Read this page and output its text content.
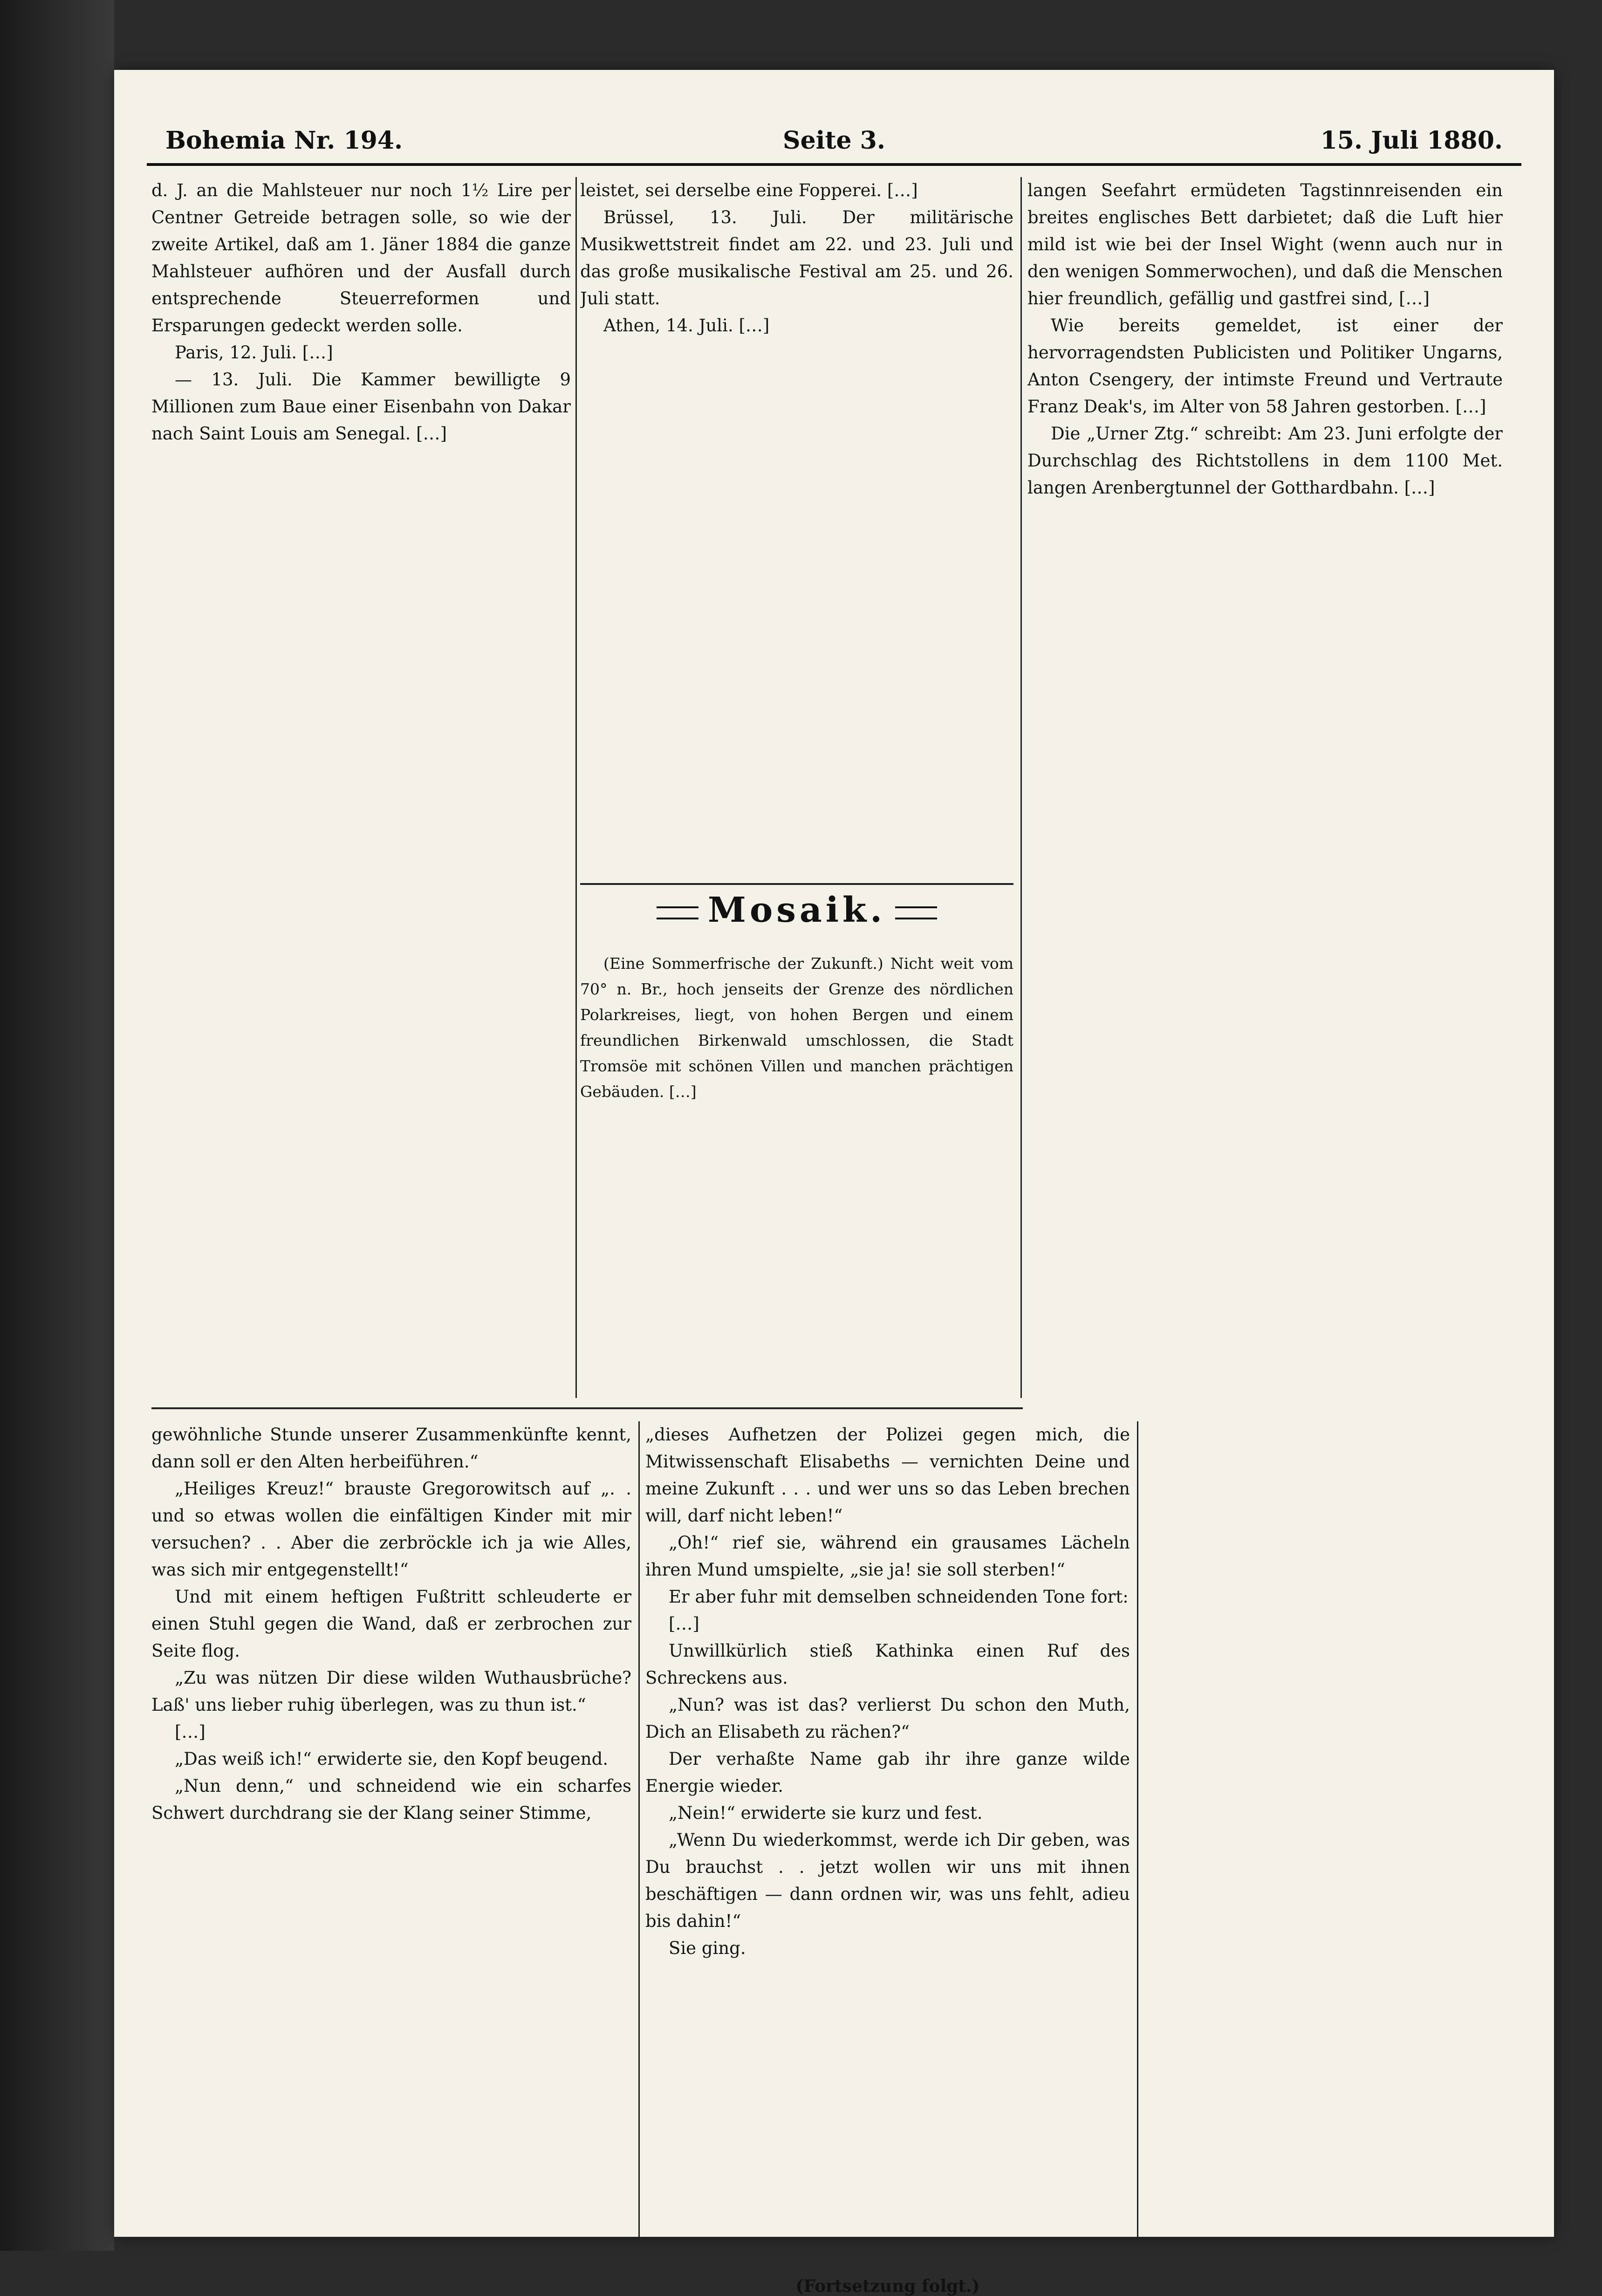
Bohemia Nr. 194.	Seite 3.	15. Juli 1880.

d. J. an die Mahlsteuer nur noch 1½ Lire per Centner Getreide betragen solle, so wie der zweite Artikel, daß am 1. Jäner 1884 die ganze Mahlsteuer aufhören und der Ausfall durch entsprechende Steuerreformen und Ersparungen gedeckt werden solle.

Paris, 12. Juli. […]

— 13. Juli. Die Kammer bewilligte 9 Millionen zum Baue einer Eisenbahn von Dakar nach Saint Louis am Senegal. […]

leistet, sei derselbe eine Fopperei. […]

Brüssel, 13. Juli. Der militärische Musikwettstreit findet am 22. und 23. Juli und das große musikalische Festival am 25. und 26. Juli statt.

Athen, 14. Juli. […]

Mosaik.

(Eine Sommerfrische der Zukunft.) Nicht weit vom 70° n. Br., hoch jenseits der Grenze des nördlichen Polarkreises, liegt, von hohen Bergen und einem freundlichen Birkenwald umschlossen, die Stadt Tromsöe mit schönen Villen und manchen prächtigen Gebäuden. […]

langen Seefahrt ermüdeten Tagstinnreisenden ein breites englisches Bett darbietet; daß die Luft hier mild ist wie bei der Insel Wight (wenn auch nur in den wenigen Sommerwochen), und daß die Menschen hier freundlich, gefällig und gastfrei sind, […]

Wie bereits gemeldet, ist einer der hervorragendsten Publicisten und Politiker Ungarns, Anton Csengery, der intimste Freund und Vertraute Franz Deak's, im Alter von 58 Jahren gestorben. […]

Die „Urner Ztg.“ schreibt: Am 23. Juni erfolgte der Durchschlag des Richtstollens in dem 1100 Met. langen Arenbergtunnel der Gotthardbahn. […]

gewöhnliche Stunde unserer Zusammenkünfte kennt, dann soll er den Alten herbeiführen.“

„Heiliges Kreuz!“ brauste Gregorowitsch auf „. . und so etwas wollen die einfältigen Kinder mit mir versuchen? . . Aber die zerbröckle ich ja wie Alles, was sich mir entgegenstellt!“

Und mit einem heftigen Fußtritt schleuderte er einen Stuhl gegen die Wand, daß er zerbrochen zur Seite flog.

„Zu was nützen Dir diese wilden Wuthausbrüche? Laß' uns lieber ruhig überlegen, was zu thun ist.“

[…]

„Das weiß ich!“ erwiderte sie, den Kopf beugend.

„Nun denn,“ und schneidend wie ein scharfes Schwert durchdrang sie der Klang seiner Stimme,

„dieses Aufhetzen der Polizei gegen mich, die Mitwissenschaft Elisabeths — vernichten Deine und meine Zukunft . . . und wer uns so das Leben brechen will, darf nicht leben!“

„Oh!“ rief sie, während ein grausames Lächeln ihren Mund umspielte, „sie ja! sie soll sterben!“

Er aber fuhr mit demselben schneidenden Tone fort:

[…]

Unwillkürlich stieß Kathinka einen Ruf des Schreckens aus.

„Nun? was ist das? verlierst Du schon den Muth, Dich an Elisabeth zu rächen?“

Der verhaßte Name gab ihr ihre ganze wilde Energie wieder.

„Nein!“ erwiderte sie kurz und fest.

„Wenn Du wiederkommst, werde ich Dir geben, was Du brauchst . . jetzt wollen wir uns mit ihnen beschäftigen — dann ordnen wir, was uns fehlt, adieu bis dahin!“

Sie ging.

(Fortsetzung folgt.)
